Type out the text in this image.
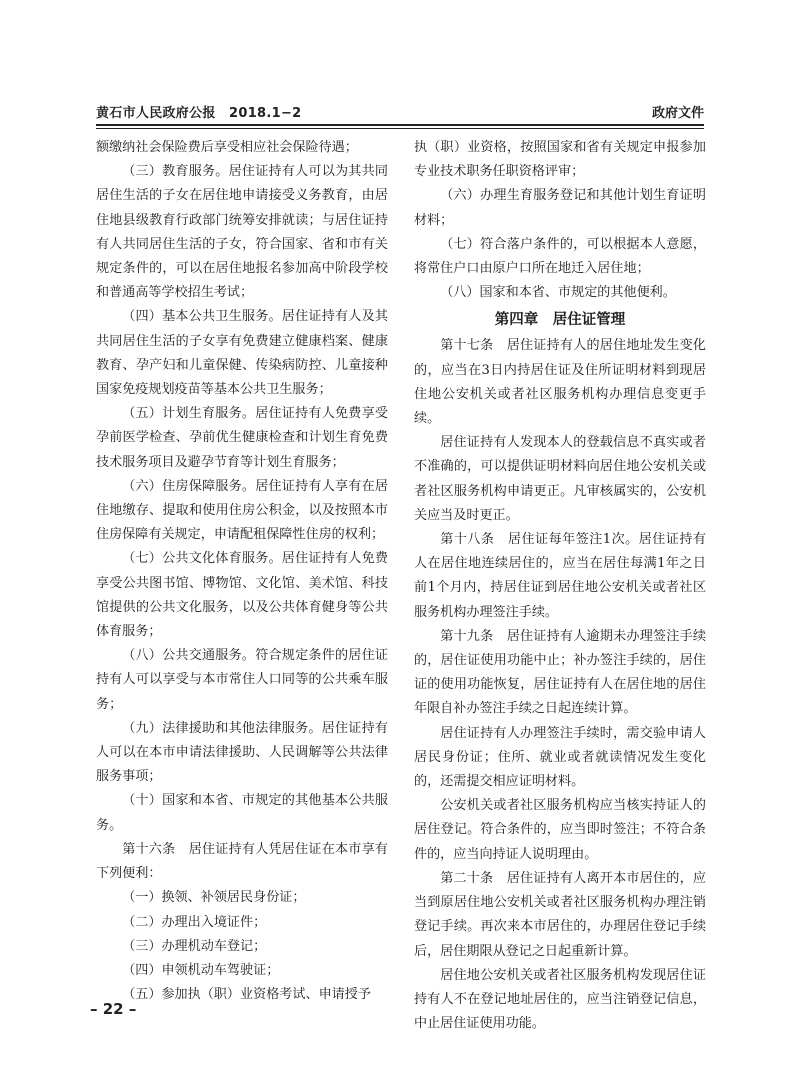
黄石市人民政府公报　2018.1−2	政府文件

额缴纳社会保险费后享受相应社会保险待遇；

（三）教育服务。居住证持有人可以为其共同居住生活的子女在居住地申请接受义务教育，由居住地县级教育行政部门统筹安排就读；与居住证持有人共同居住生活的子女，符合国家、省和市有关规定条件的，可以在居住地报名参加高中阶段学校和普通高等学校招生考试；

（四）基本公共卫生服务。居住证持有人及其共同居住生活的子女享有免费建立健康档案、健康教育、孕产妇和儿童保健、传染病防控、儿童接种国家免疫规划疫苗等基本公共卫生服务；

（五）计划生育服务。居住证持有人免费享受孕前医学检查、孕前优生健康检查和计划生育免费技术服务项目及避孕节育等计划生育服务；

（六）住房保障服务。居住证持有人享有在居住地缴存、提取和使用住房公积金，以及按照本市住房保障有关规定，申请配租保障性住房的权利；

（七）公共文化体育服务。居住证持有人免费享受公共图书馆、博物馆、文化馆、美术馆、科技馆提供的公共文化服务，以及公共体育健身等公共体育服务；

（八）公共交通服务。符合规定条件的居住证持有人可以享受与本市常住人口同等的公共乘车服务；

（九）法律援助和其他法律服务。居住证持有人可以在本市申请法律援助、人民调解等公共法律服务事项；

（十）国家和本省、市规定的其他基本公共服务。

第十六条　居住证持有人凭居住证在本市享有下列便利：

（一）换领、补领居民身份证；

（二）办理出入境证件；

（三）办理机动车登记；

（四）申领机动车驾驶证；

（五）参加执（职）业资格考试、申请授予

执（职）业资格，按照国家和省有关规定申报参加专业技术职务任职资格评审；

（六）办理生育服务登记和其他计划生育证明材料；

（七）符合落户条件的，可以根据本人意愿，将常住户口由原户口所在地迁入居住地；

（八）国家和本省、市规定的其他便利。

第四章　居住证管理

第十七条　居住证持有人的居住地址发生变化的，应当在3日内持居住证及住所证明材料到现居住地公安机关或者社区服务机构办理信息变更手续。

居住证持有人发现本人的登载信息不真实或者不准确的，可以提供证明材料向居住地公安机关或者社区服务机构申请更正。凡审核属实的，公安机关应当及时更正。

第十八条　居住证每年签注1次。居住证持有人在居住地连续居住的，应当在居住每满1年之日前1个月内，持居住证到居住地公安机关或者社区服务机构办理签注手续。

第十九条　居住证持有人逾期未办理签注手续的，居住证使用功能中止；补办签注手续的，居住证的使用功能恢复，居住证持有人在居住地的居住年限自补办签注手续之日起连续计算。

居住证持有人办理签注手续时，需交验申请人居民身份证；住所、就业或者就读情况发生变化的，还需提交相应证明材料。

公安机关或者社区服务机构应当核实持证人的居住登记。符合条件的，应当即时签注；不符合条件的，应当向持证人说明理由。

第二十条　居住证持有人离开本市居住的，应当到原居住地公安机关或者社区服务机构办理注销登记手续。再次来本市居住的，办理居住登记手续后，居住期限从登记之日起重新计算。

居住地公安机关或者社区服务机构发现居住证持有人不在登记地址居住的，应当注销登记信息，中止居住证使用功能。

– 22 –
